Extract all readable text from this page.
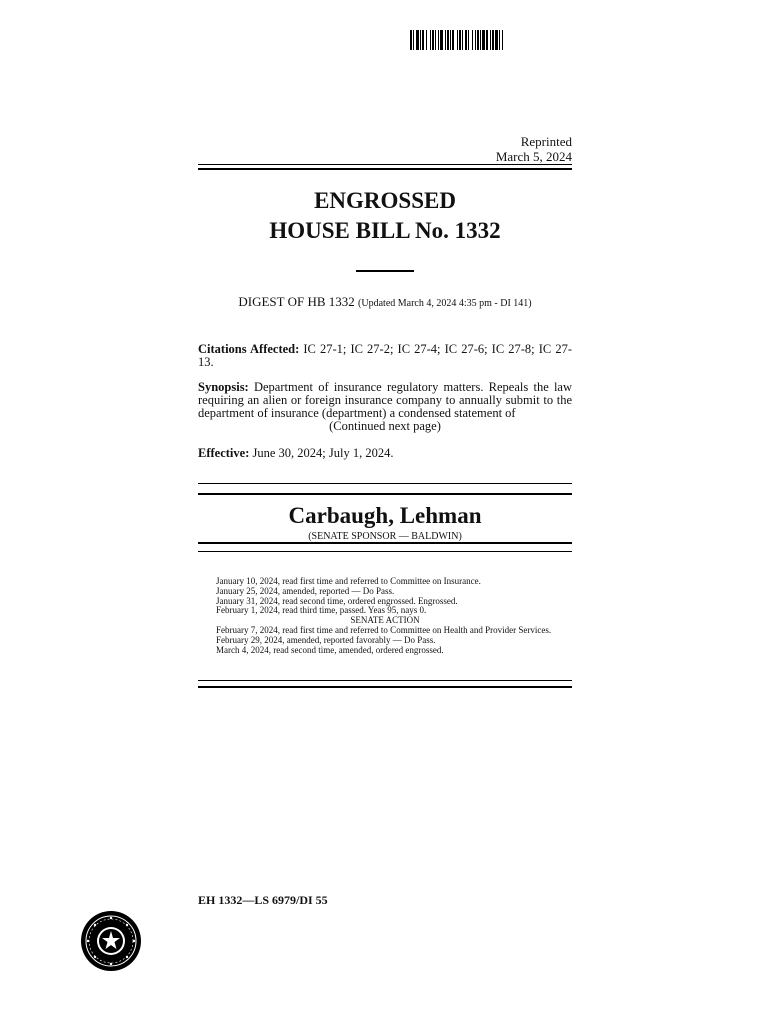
Reprinted
March 5, 2024
ENGROSSED
HOUSE BILL No. 1332
DIGEST OF HB 1332 (Updated March 4, 2024 4:35 pm - DI 141)
Citations Affected: IC 27-1; IC 27-2; IC 27-4; IC 27-6; IC 27-8; IC 27-13.
Synopsis: Department of insurance regulatory matters. Repeals the law requiring an alien or foreign insurance company to annually submit to the department of insurance (department) a condensed statement of
(Continued next page)
Effective: June 30, 2024; July 1, 2024.
Carbaugh, Lehman
(SENATE SPONSOR — BALDWIN)

January 10, 2024, read first time and referred to Committee on Insurance.

January 25, 2024, amended, reported — Do Pass.

January 31, 2024, read second time, ordered engrossed. Engrossed.

February 1, 2024, read third time, passed. Yeas 95, nays 0.

SENATE ACTION

February 7, 2024, read first time and referred to Committee on Health and Provider Services.

February 29, 2024, amended, reported favorably — Do Pass.

March 4, 2024, read second time, amended, ordered engrossed.

EH 1332—LS 6979/DI 55
